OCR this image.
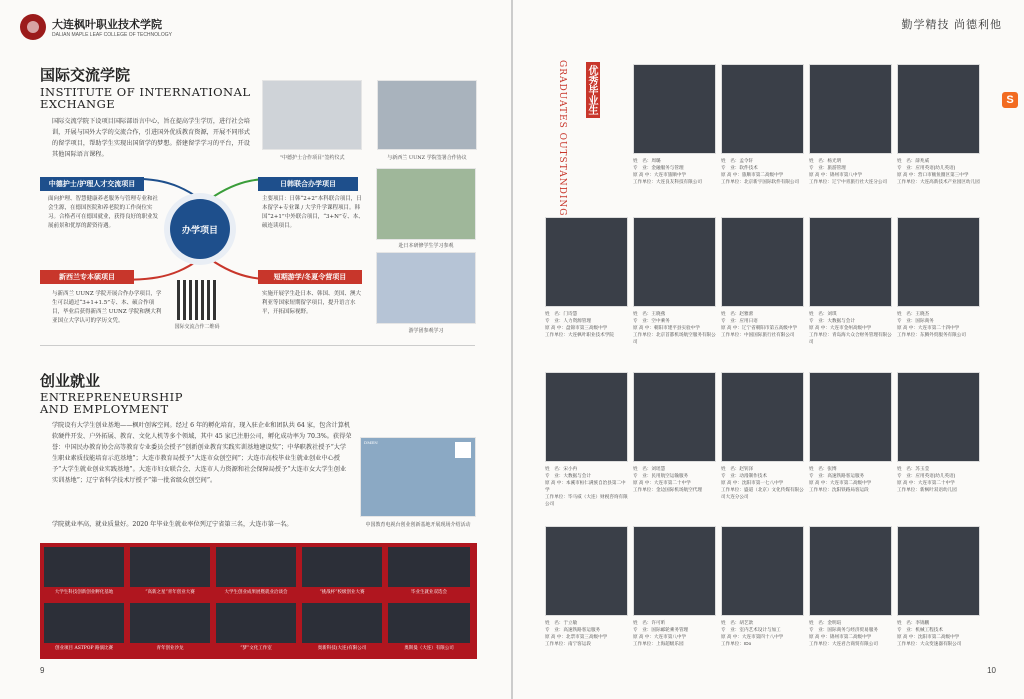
大连枫叶职业技术学院
DALIAN MAPLE LEAF COLLEGE OF TECHNOLOGY
国际交流学院
INSTITUTE OF INTERNATIONAL
EXCHANGE
国际交流学院下设项目国际部语言中心，旨在提高学生学历，进行社会培训，开展与国外大学的交流合作，引进国外优质教育资源，开展不同形式的留学项目，帮助学生实现出国留学的梦想。搭建留学学习的平台，开设其他国际语言课程。	“中德护士合作项目”签约仪式	与新西兰 UUNZ 学院签署合作协议
办学项目
中德护士/护理人才交流项目
面向护理、智慧健康养老服务与管理专业和社会生源，在德国医院和养老院的工作岗位实习。合格者可在德国就业，获得良好的职业发展前景和优厚的薪资待遇。
日韩联合办学项目
主要项目：日韩“2+2”本科联合项目，日本留学+专业课 / 大学升学课程项目。韩国“2+1”中外联合项目，“3+N”专、本、硕连读项目。
新西兰专本硕项目
与新西兰 UUNZ 学院开展合作办学项目，学生可以通过“3+1+1.5”专、本、硕合作项目，毕业后获得新西兰 UUNZ 学院和澳大利亚国立大学认可的学历文凭。
短期游学/冬夏令营项目
实施开展学生赴日本、韩国、美国、澳大利亚等国家短期留学项目，提升语言水平，开拓国际视野。
国际交流合作二维码
赴日本研修学生学习参观
游学团参观学习
创业就业
ENTREPRENEURSHIP
AND EMPLOYMENT
学院设有大学生创业基地——枫叶创客空间。经过 6 年的孵化培育，现入驻企业和团队共 64 家，包含计算机软硬件开发、户外拓展、教育、文化人机等多个领域，其中 45 家已注册公司，孵化成功率为 70.3%。获得荣誉：中国民办教育协会高等教育专业委员会授予“创新创业教育实践实训基地建设奖”；中华职教社授予“大学生职业素质技能培育示范基地”；大连市教育局授予“大连市众创空间”；大连市高校毕业生就业创业中心授予“大学生就业创业实践基地”。大连市妇女联合会、大连市人力资源和社会保障局授予“大连市女大学生创业实训基地”；辽宁省科学技术厅授予“第一批省级众创空间”。
学院就业率高，就业质量好。2020 年毕业生就业率位列辽宁省第三名，大连市第一名。
DMEN
中国教育电视台创业创新基地开展现场介绍活动
大学生科技创新创业孵化基地	“高新之星”青年创业大赛	大学生创业成果展暨就业洽谈会	“挑战杯”校级创业大赛	毕业生就业双选会
创业项目 ASTPOP 路演比赛	青年创业沙龙	“梦”文化工作室	奥新科技(大连)有限公司	奥斯曼（大连）有限公司
9
勤学精技 尚德利他
S
10
GRADUATES OUTSTANDING 优秀毕业生
姓　名：周璐
专　业：金融服务与管理
原 高 中：大连市旅顺中学
工作单位：大连良友科技有限公司
姓　名：孟令轩
专　业：软件技术
原 高 中：旅顺市第二高级中学
工作单位：北京新宇国际软件有限公司
姓　名：杨光明
专　业：旅游管理
原 高 中：锦州市第八中学
工作单位：辽宁中青旅行社大连分公司
姓　名：薛兆威
专　业：应用英语(幼儿英语)
原 高 中：营口市鲅鱼圈区第三中学
工作单位：大连高新技术产业园区幼儿园
姓　名：门诗慧
专　业：人力资源管理
原 高 中：盘锦市第三高级中学
工作单位：大连枫叶职业技术学院
姓　名：王晓燕
专　业：空中乘务
原 高 中：朝阳市建平县实验中学
工作单位：北京首都机场航空服务有限公司
姓　名：赵雅蕾
专　业：应用日语
原 高 中：辽宁省朝阳市第五高级中学
工作单位：中国国际旅行社有限公司
姓　名：刘琪
专　业：大数据与会计
原 高 中：大连市金州高级中学
工作单位：青岛海大众合财务管理有限公司
姓　名：王晓杰
专　业：国际商务
原 高 中：大连市第二十四中学
工作单位：东腾外贸服务有限公司
姓　名：宋小冉
专　业：大数据与会计
原 高 中：本溪市桓仁满族自治县第二中学
工作单位：毕马威（大连）财税咨询有限公司
姓　名：刘瑶慧
专　业：民用航空运输服务
原 高 中：大连市第二十中学
工作单位：金边国际机场航空代理
姓　名：赵钊泽
专　业：动漫制作技术
原 高 中：沈阳市第一七八中学
工作单位：盛道（北京）文化传媒有限公司大连分公司
姓　名：张博
专　业：高速铁路客运服务
原 高 中：大连市第二高级中学
工作单位：沈阳铁路局客运段
姓　名：苏玉莹
专　业：应用英语(幼儿英语)
原 高 中：大连市第二十中学
工作单位：新枫叶双语幼儿园
姓　名：于立敏
专　业：高速铁路客运服务
原 高 中：北票市第三高级中学
工作单位：南宁客运段
姓　名：许可昕
专　业：国际邮轮乘务管理
原 高 中：大连市第八中学
工作单位：上海超级乐园
姓　名：胡艺歆
专　业：室内艺术设计与加工
原 高 中：大连市第四十八中学
工作单位：IDo
姓　名：金明瑄
专　业：国际商务与经济贸易服务
原 高 中：锦州市第二高级中学
工作单位：大连君合商贸有限公司
姓　名：李锦鹏
专　业：机械工程技术
原 高 中：沈阳市第二高级中学
工作单位：大众变速器有限公司
